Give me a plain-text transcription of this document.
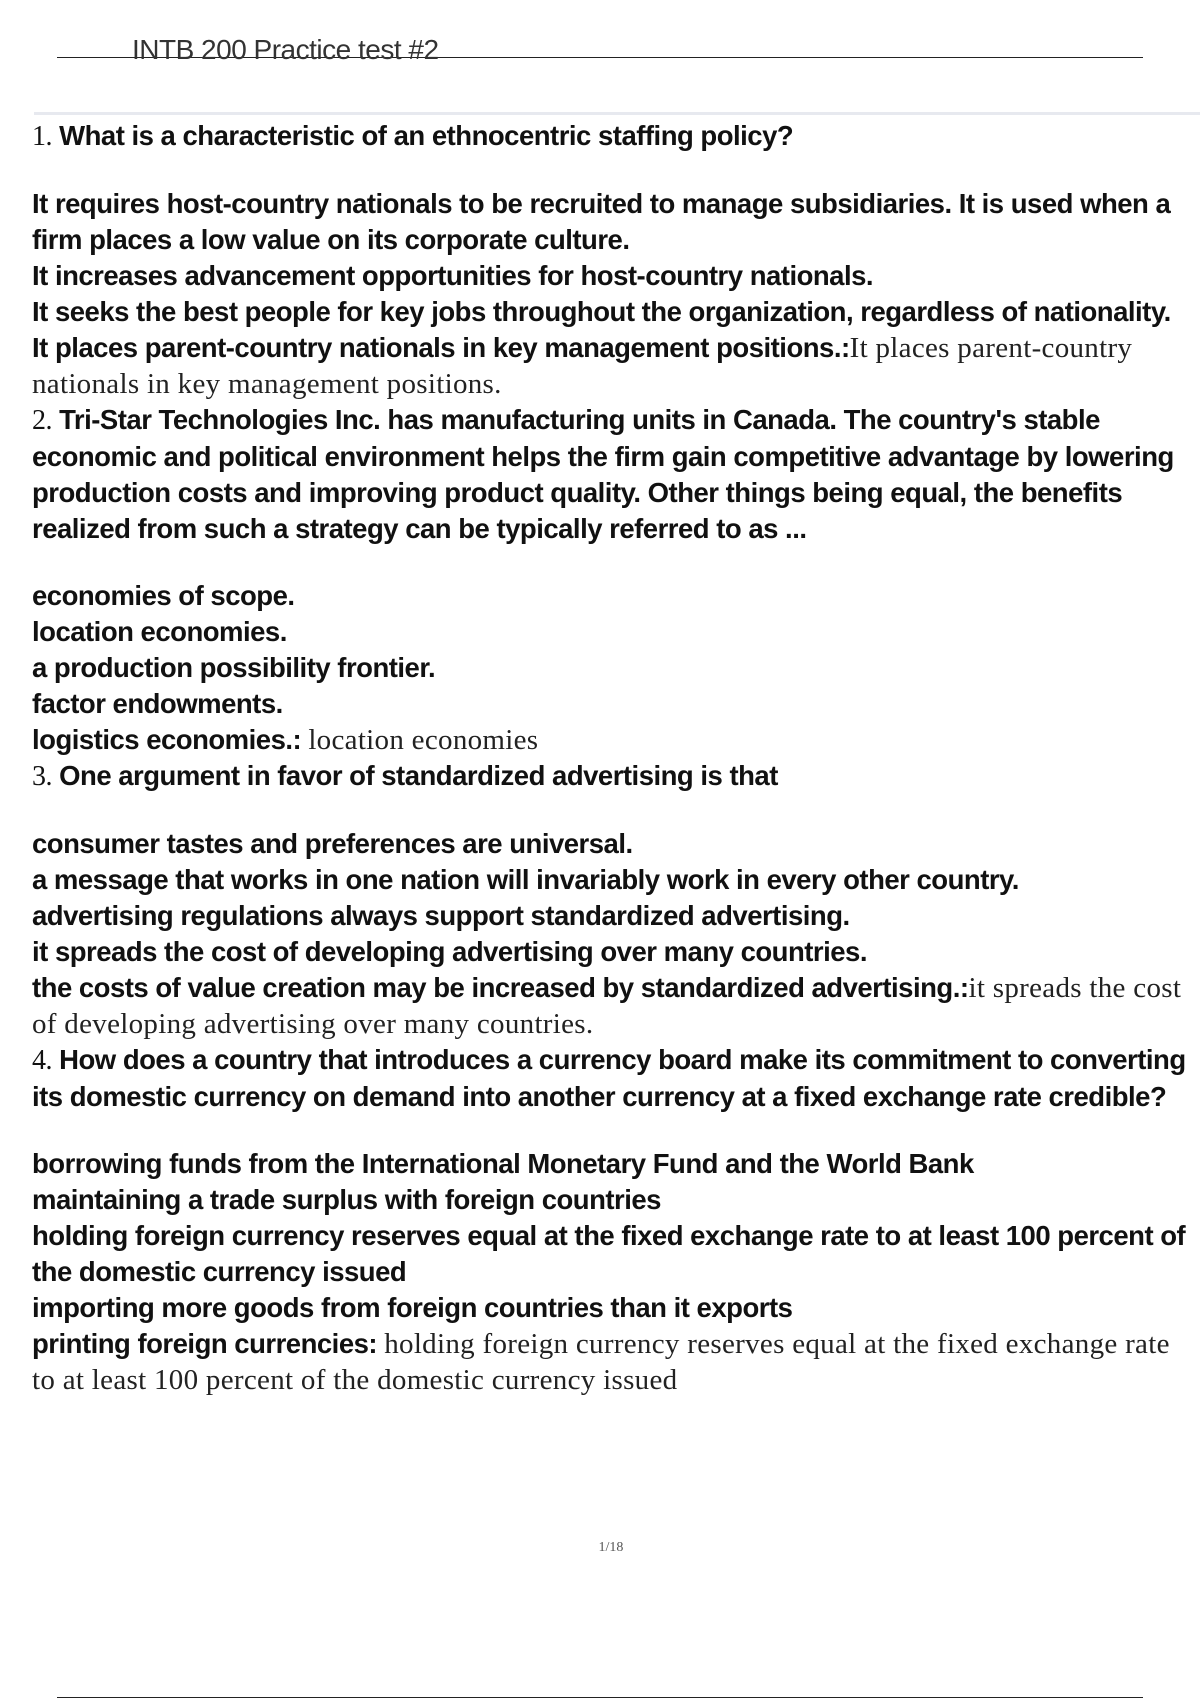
INTB 200 Practice test #2
1. What is a characteristic of an ethnocentric staffing policy?
It requires host-country nationals to be recruited to manage subsidiaries. It is used when a firm places a low value on its corporate culture.
It increases advancement opportunities for host-country nationals.
It seeks the best people for key jobs throughout the organization, regardless of nationality.
It places parent-country nationals in key management positions.:It places parent-country nationals in key management positions.
2. Tri-Star Technologies Inc. has manufacturing units in Canada. The country's stable economic and political environment helps the firm gain competitive advantage by lowering production costs and improving product quality. Other things being equal, the benefits realized from such a strategy can be typically referred to as ...
economies of scope.
location economies.
a production possibility frontier.
factor endowments.
logistics economies.: location economies
3. One argument in favor of standardized advertising is that
consumer tastes and preferences are universal.
a message that works in one nation will invariably work in every other country.
advertising regulations always support standardized advertising.
it spreads the cost of developing advertising over many countries.
the costs of value creation may be increased by standardized advertising.:it spreads the cost of developing advertising over many countries.
4. How does a country that introduces a currency board make its commitment to converting its domestic currency on demand into another currency at a fixed exchange rate credible?
borrowing funds from the International Monetary Fund and the World Bank
maintaining a trade surplus with foreign countries
holding foreign currency reserves equal at the fixed exchange rate to at least 100 percent of the domestic currency issued
importing more goods from foreign countries than it exports
printing foreign currencies: holding foreign currency reserves equal at the fixed exchange rate to at least 100 percent of the domestic currency issued
1/18
